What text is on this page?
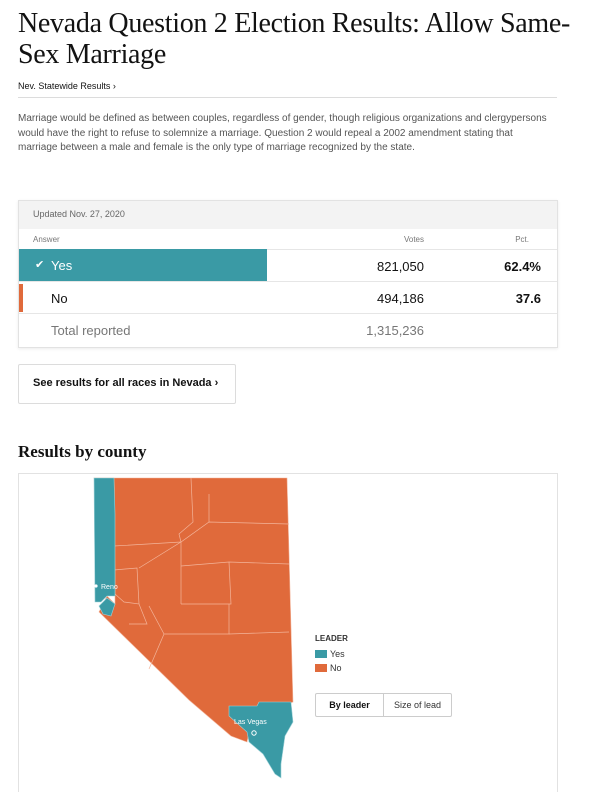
Nevada Question 2 Election Results: Allow Same-Sex Marriage
Nev. Statewide Results ›

Marriage would be defined as between couples, regardless of gender, though religious organizations and clergypersons would have the right to refuse to solemnize a marriage. Question 2 would repeal a 2002 amendment stating that marriage between a male and female is the only type of marriage recognized by the state.

Updated Nov. 27, 2020
Answer	Votes	Pct.
✔ Yes	821,050	62.4%
No	494,186	37.6
Total reported	1,315,236
See results for all races in Nevada ›
Results by county
Reno
Las Vegas
LEADER
Yes
No
By leader	Size of lead
